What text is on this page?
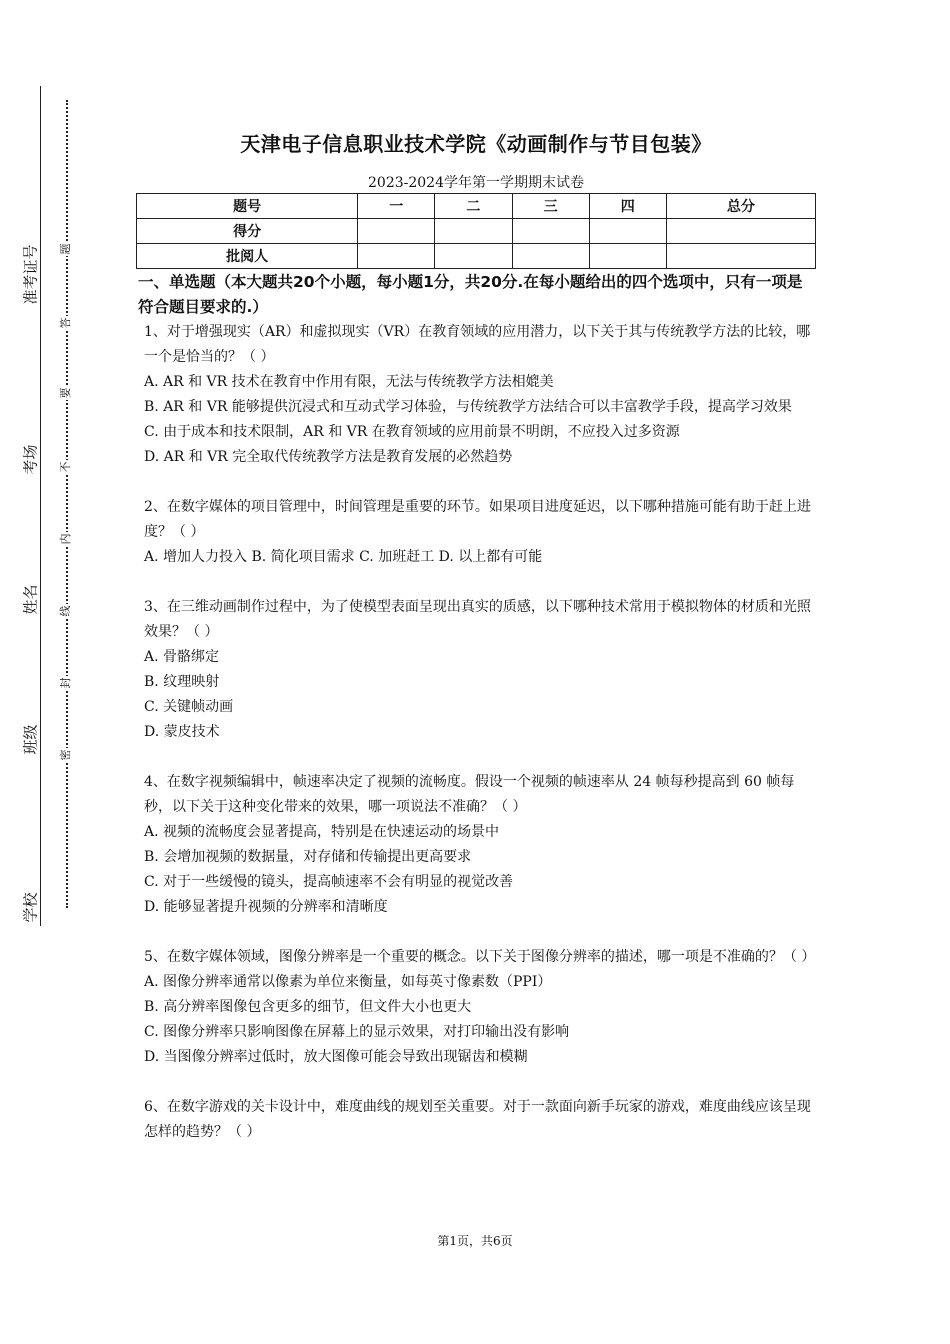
准考证号
考场
姓名
班级
学校
题
答
要
不
内
线
封
密
天津电子信息职业技术学院《动画制作与节目包装》
2023-2024学年第一学期期末试卷
题号	一	二	三	四	总分
得分					
批阅人					
一、单选题（本大题共20个小题，每小题1分，共20分.在每小题给出的四个选项中，只有一项是符合题目要求的.）

1、对于增强现实（AR）和虚拟现实（VR）在教育领域的应用潜力，以下关于其与传统教学方法的比较，哪一个是恰当的？（ ）

A. AR 和 VR 技术在教育中作用有限，无法与传统教学方法相媲美

B. AR 和 VR 能够提供沉浸式和互动式学习体验，与传统教学方法结合可以丰富教学手段，提高学习效果

C. 由于成本和技术限制，AR 和 VR 在教育领域的应用前景不明朗，不应投入过多资源

D. AR 和 VR 完全取代传统教学方法是教育发展的必然趋势

2、在数字媒体的项目管理中，时间管理是重要的环节。如果项目进度延迟，以下哪种措施可能有助于赶上进度？（ ）

A. 增加人力投入 B. 简化项目需求 C. 加班赶工 D. 以上都有可能

3、在三维动画制作过程中，为了使模型表面呈现出真实的质感，以下哪种技术常用于模拟物体的材质和光照效果？（ ）

A. 骨骼绑定

B. 纹理映射

C. 关键帧动画

D. 蒙皮技术

4、在数字视频编辑中，帧速率决定了视频的流畅度。假设一个视频的帧速率从 24 帧每秒提高到 60 帧每秒，以下关于这种变化带来的效果，哪一项说法不准确？（ ）

A. 视频的流畅度会显著提高，特别是在快速运动的场景中

B. 会增加视频的数据量，对存储和传输提出更高要求

C. 对于一些缓慢的镜头，提高帧速率不会有明显的视觉改善

D. 能够显著提升视频的分辨率和清晰度

5、在数字媒体领域，图像分辨率是一个重要的概念。以下关于图像分辨率的描述，哪一项是不准确的？（ ）

A. 图像分辨率通常以像素为单位来衡量，如每英寸像素数（PPI）

B. 高分辨率图像包含更多的细节，但文件大小也更大

C. 图像分辨率只影响图像在屏幕上的显示效果，对打印输出没有影响

D. 当图像分辨率过低时，放大图像可能会导致出现锯齿和模糊

6、在数字游戏的关卡设计中，难度曲线的规划至关重要。对于一款面向新手玩家的游戏，难度曲线应该呈现怎样的趋势？（ ）

第1页，共6页
